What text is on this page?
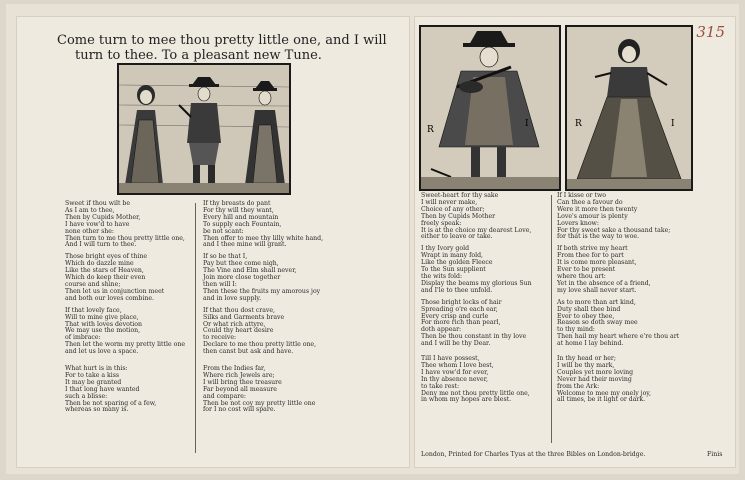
Come turn to mee thou pretty little one, and I will
turn to thee. To a pleasant new Tune.
Sweet if thou wilt be
As I am to thee,
Then by Cupids Mother,
I have vow'd to have
none other she:
Then turn to me thou pretty little one,
And I will turn to thee.
Those bright eyes of thine
Which do dazzle mine
Like the stars of Heaven,
Which do keep their even
course and shine;
Then let us in conjunction meet
and both our loves combine.
If that lovely face,
Will to mine give place,
That with loves devotion
We may use the motion,
of imbrace:
Then let the worm my pretty little one
and let us love a space.
What hurt is in this:
For to take a kiss
It may be granted
I that long have wanted
such a blisse:
Then be not sparing of a few,
whereas so many is.
If thy breasts do pant
For thy will they want,
Every hill and mountain
To supply each Fountain,
be not scant:
Then offer to mee thy lilly white hand,
and I thee mine will grant.
If so be that I,
Pay but thee come nigh,
The Vine and Elm shall never,
Join more close together
then will I:
Then these the fruits my amorous joy
and in love supply.
If that thou dost crave,
Silks and Garments brave
Or what rich attyre,
Could thy heart desire
to receive:
Declare to me thou pretty little one,
then canst but ask and have.
From the Indies far,
Where rich Jewels are;
I will bring thee treasure
Far beyond all measure
and compare:
Then be not coy my pretty little one
for I no cost will spare.
315
R
I	R	I
Sweet-heart for thy sake
I will never make,
Choice of any other;
Then by Cupids Mother
freely speak:
It is at the choice my dearest Love,
either to leave or take.
I thy Ivory gold
Wrapt in many fold,
Like the golden Fleece
To the Sun supplient
the wits fold:
Display the beams my glorious Sun
and I'le to thee unfold.
Those bright locks of hair
Spreading o're each ear,
Every crisp and curle
For more rich than pearl,
doth appear:
Then be thou constant in thy love
and I will be thy Dear.
Till I have possest,
Thee whom I love best,
I have vow'd for ever,
In thy absence never,
to take rest:
Deny me not thou pretty little one,
in whom my hopes are blest.
If I kisse or two
Can thee a favour do
Were it more then twenty
Love's amour is plenty
Lovers know:
For thy sweet sake a thousand take;
for that is the way to woe.
If both strive my heart
From thee for to part
It is come more pleasant,
Ever to be present
where thou art:
Yet in the absence of a friend,
my love shall never start.
As to more than art kind,
Duty shall thee bind
Ever to obey thee,
Reason so doth sway mee
to thy mind:
Then hail my heart where e're thou art
at home I lay behind.
In thy head or her;
I will be thy mark,
Couples yet more loving
Never had their moving
from the Ark:
Welcome to mee my onely joy,
all times, be it light or dark.
London, Printed for Charles Tyus at the three Bibles on London-bridge.	Finis
